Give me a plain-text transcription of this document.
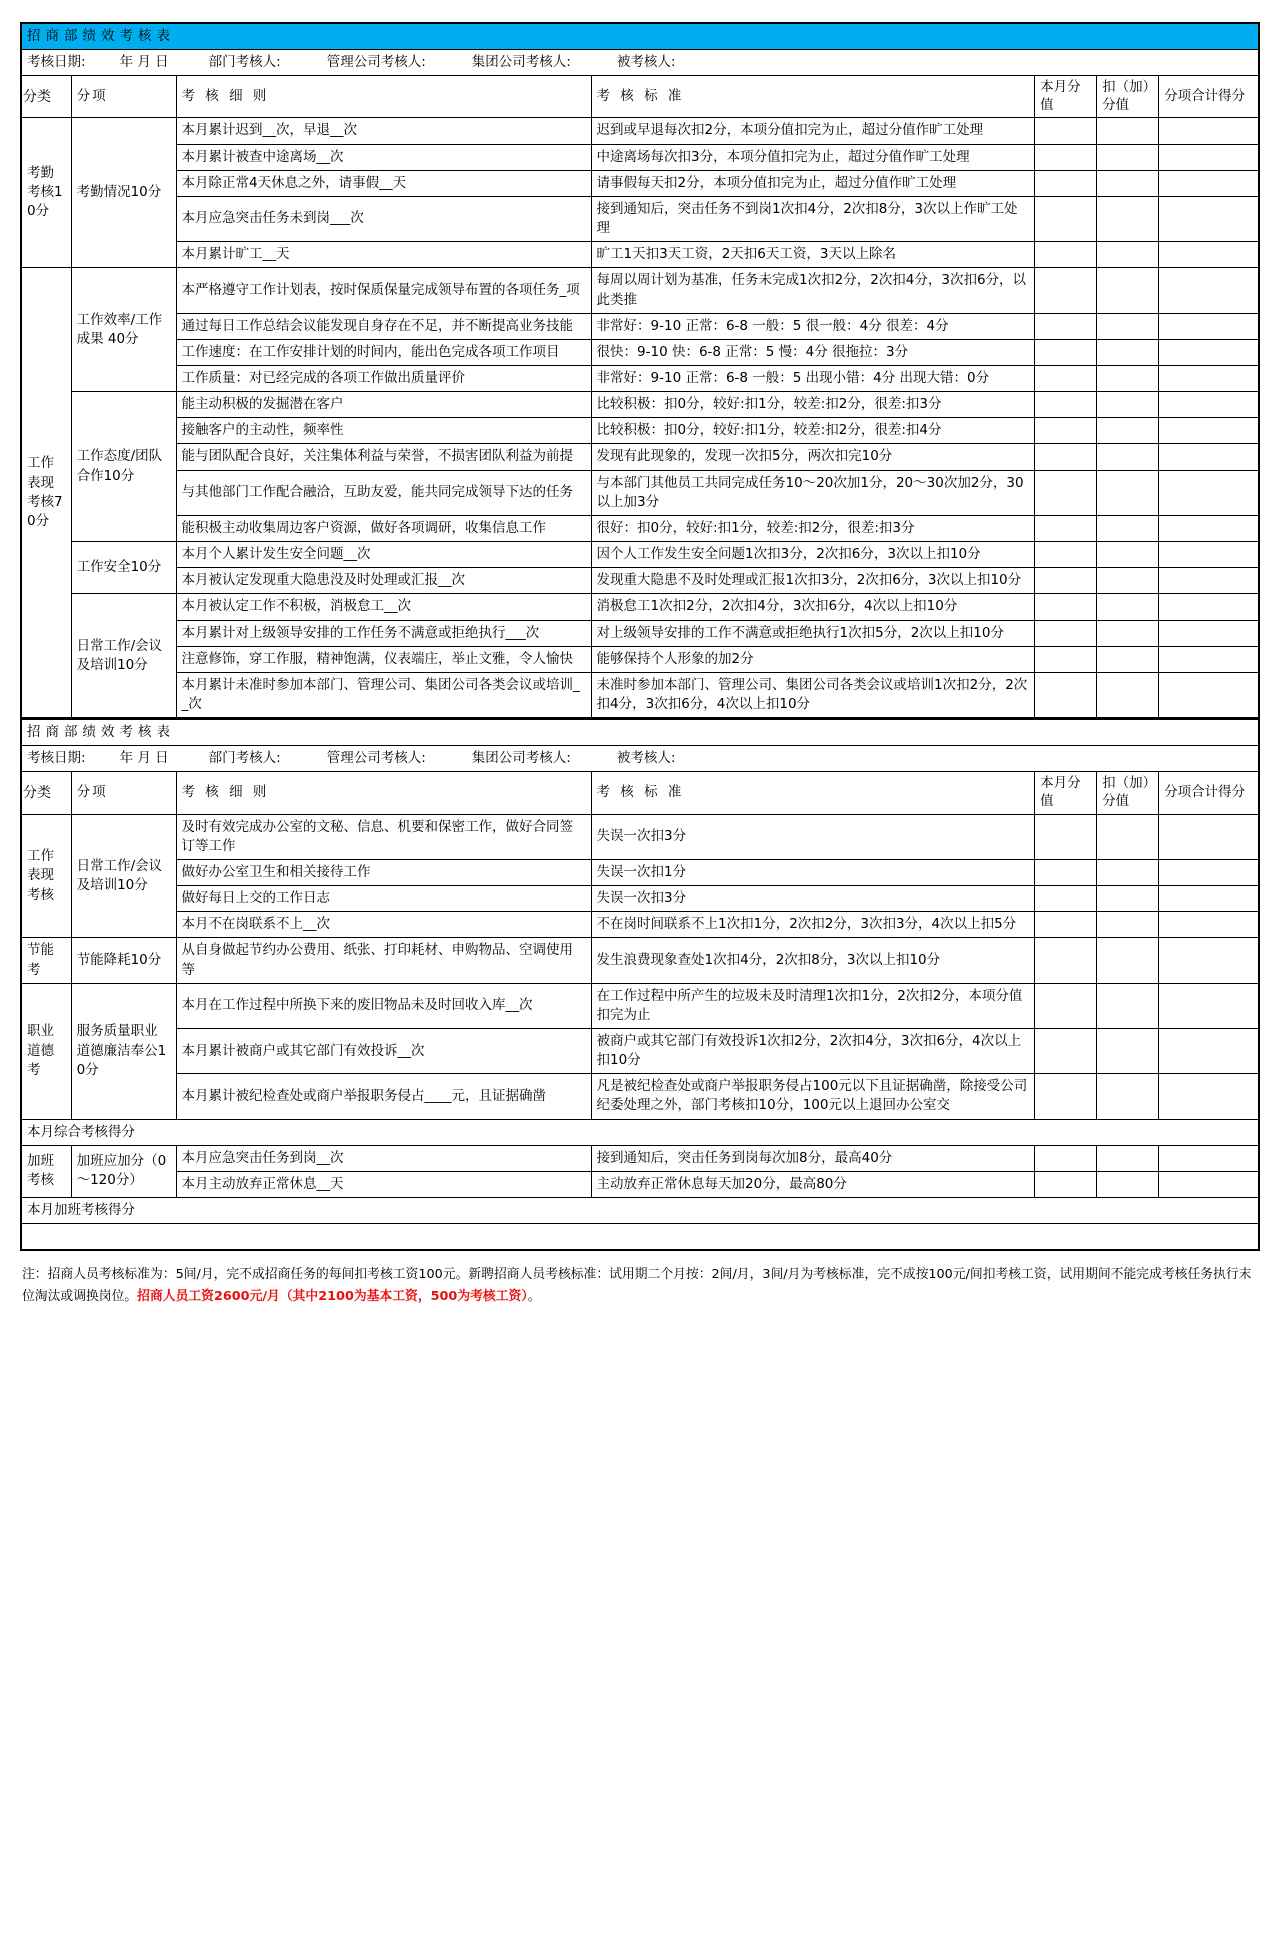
招商部绩效考核表						
考核日期: 年 月 日 部门考核人: 管理公司考核人: 集团公司考核人: 被考核人:						
分类	分项	考 核 细 则	考 核 标 准	本月分值	扣（加）分值	分项合计得分
考勤考核10分	考勤情况10分	本月累计迟到__次，早退__次	迟到或早退每次扣2分，本项分值扣完为止，超过分值作旷工处理			
		本月累计被查中途离场__次	中途离场每次扣3分，本项分值扣完为止，超过分值作旷工处理			
		本月除正常4天休息之外，请事假__天	请事假每天扣2分，本项分值扣完为止，超过分值作旷工处理			
		本月应急突击任务未到岗___次	接到通知后，突击任务不到岗1次扣4分，2次扣8分，3次以上作旷工处理			
		本月累计旷工__天	旷工1天扣3天工资，2天扣6天工资，3天以上除名			
工作表现考核70分	工作效率/工作成果 40分	本严格遵守工作计划表，按时保质保量完成领导布置的各项任务_项	每周以周计划为基准，任务未完成1次扣2分，2次扣4分，3次扣6分，以此类推			
		通过每日工作总结会议能发现自身存在不足，并不断提高业务技能	非常好：9-10 正常：6-8 一般：5 很一般：4分 很差：4分			
		工作速度：在工作安排计划的时间内，能出色完成各项工作项目	很快：9-10 快：6-8 正常：5 慢：4分 很拖拉：3分			
		工作质量：对已经完成的各项工作做出质量评价	非常好：9-10 正常：6-8 一般：5 出现小错：4分 出现大错：0分			
	工作态度/团队合作10分	能主动积极的发掘潜在客户	比较积极：扣0分，较好:扣1分，较差:扣2分，很差:扣3分			
		接触客户的主动性，频率性	比较积极：扣0分，较好:扣1分，较差:扣2分，很差:扣4分			
		能与团队配合良好，关注集体利益与荣誉，不损害团队利益为前提	发现有此现象的，发现一次扣5分，两次扣完10分			
		与其他部门工作配合融洽，互助友爱，能共同完成领导下达的任务	与本部门其他员工共同完成任务10～20次加1分，20～30次加2分，30以上加3分			
		能积极主动收集周边客户资源，做好各项调研，收集信息工作	很好：扣0分，较好:扣1分，较差:扣2分，很差:扣3分			
	工作安全10分	本月个人累计发生安全问题__次	因个人工作发生安全问题1次扣3分，2次扣6分，3次以上扣10分			
		本月被认定发现重大隐患没及时处理或汇报__次	发现重大隐患不及时处理或汇报1次扣3分，2次扣6分，3次以上扣10分			
	日常工作/会议及培训10分	本月被认定工作不积极，消极怠工__次	消极怠工1次扣2分，2次扣4分，3次扣6分，4次以上扣10分			
		本月累计对上级领导安排的工作任务不满意或拒绝执行___次	对上级领导安排的工作不满意或拒绝执行1次扣5分，2次以上扣10分			
		注意修饰，穿工作服，精神饱满，仪表端庄，举止文雅，令人愉快	能够保持个人形象的加2分			
		本月累计未准时参加本部门、管理公司、集团公司各类会议或培训__次	未准时参加本部门、管理公司、集团公司各类会议或培训1次扣2分，2次扣4分，3次扣6分，4次以上扣10分			
招商部绩效考核表						
考核日期: 年 月 日 部门考核人: 管理公司考核人: 集团公司考核人: 被考核人:						
分类	分项	考 核 细 则	考 核 标 准	本月分值	扣（加）分值	分项合计得分
工作表现考核	日常工作/会议及培训10分	及时有效完成办公室的文秘、信息、机要和保密工作，做好合同签订等工作	失误一次扣3分			
		做好办公室卫生和相关接待工作	失误一次扣1分			
		做好每日上交的工作日志	失误一次扣3分			
		本月不在岗联系不上__次	不在岗时间联系不上1次扣1分，2次扣2分，3次扣3分，4次以上扣5分			
节能考	节能降耗10分	从自身做起节约办公费用、纸张、打印耗材、申购物品、空调使用等	发生浪费现象查处1次扣4分，2次扣8分，3次以上扣10分			
职业道德考	服务质量职业道德廉洁奉公10分	本月在工作过程中所换下来的废旧物品未及时回收入库__次	在工作过程中所产生的垃圾未及时清理1次扣1分，2次扣2分，本项分值扣完为止			
		本月累计被商户或其它部门有效投诉__次	被商户或其它部门有效投诉1次扣2分，2次扣4分，3次扣6分，4次以上扣10分			
		本月累计被纪检查处或商户举报职务侵占____元，且证据确凿	凡是被纪检查处或商户举报职务侵占100元以下且证据确凿，除接受公司纪委处理之外，部门考核扣10分，100元以上退回办公室交			
本月综合考核得分						
加班考核	加班应加分（0～120分）	本月应急突击任务到岗__次	接到通知后，突击任务到岗每次加8分，最高40分			
		本月主动放弃正常休息__天	主动放弃正常休息每天加20分，最高80分			
本月加班考核得分						

注：招商人员考核标准为：5间/月，完不成招商任务的每间扣考核工资100元。新聘招商人员考核标准：试用期二个月按：2间/月，3间/月为考核标准，完不成按100元/间扣考核工资，试用期间不能完成考核任务执行末位淘汰或调换岗位。招商人员工资2600元/月（其中2100为基本工资，500为考核工资）。
